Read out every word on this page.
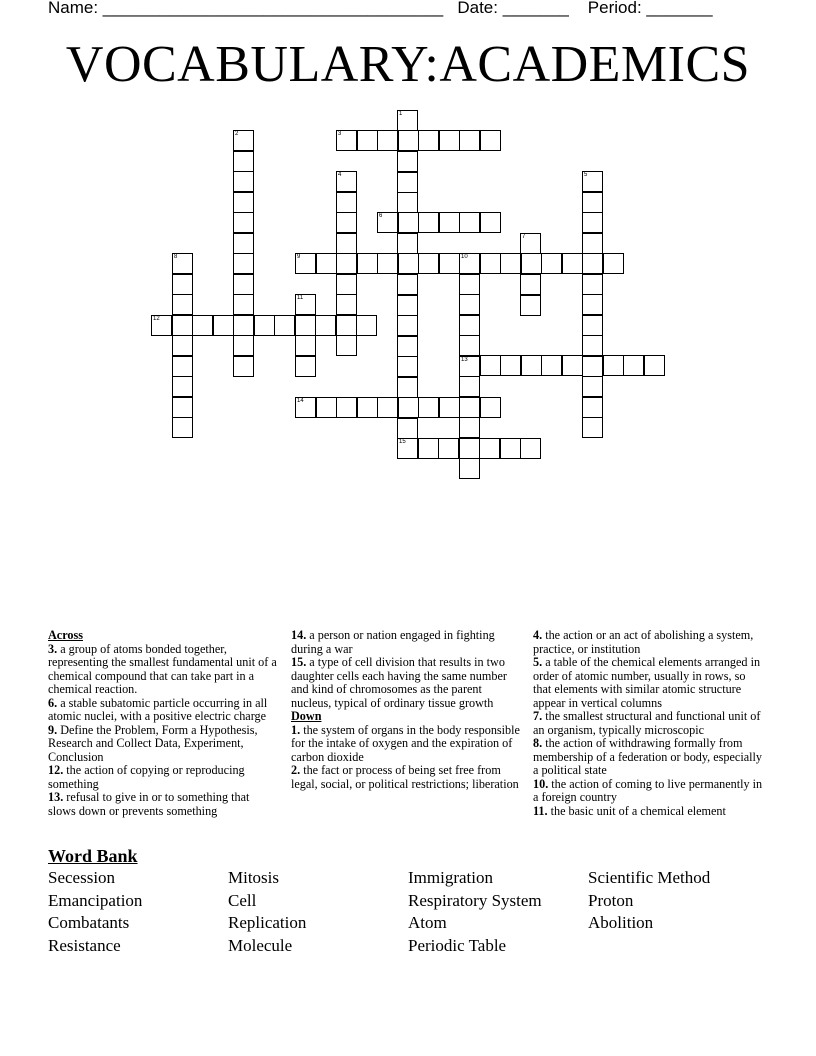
Name: ____________________________________ Date: _______ Period: _______
VOCABULARY:ACADEMICS
1
15
2	3
4	5
6
7
8	9	10
13
11
12
14

Across

3. a group of atoms bonded together, representing the smallest fundamental unit of a chemical compound that can take part in a chemical reaction.

6. a stable subatomic particle occurring in all atomic nuclei, with a positive electric charge

9. Define the Problem, Form a Hypothesis, Research and Collect Data, Experiment, Conclusion

12. the action of copying or reproducing something

13. refusal to give in or to something that slows down or prevents something

14. a person or nation engaged in fighting during a war

15. a type of cell division that results in two daughter cells each having the same number and kind of chromosomes as the parent nucleus, typical of ordinary tissue growth

Down

1. the system of organs in the body responsible for the intake of oxygen and the expiration of carbon dioxide

2. the fact or process of being set free from legal, social, or political restrictions; liberation

4. the action or an act of abolishing a system, practice, or institution

5. a table of the chemical elements arranged in order of atomic number, usually in rows, so that elements with similar atomic structure appear in vertical columns

7. the smallest structural and functional unit of an organism, typically microscopic

8. the action of withdrawing formally from membership of a federation or body, especially a political state

10. the action of coming to live permanently in a foreign country

11. the basic unit of a chemical element

Word Bank
Secession	Mitosis	Immigration	Scientific Method
Emancipation	Cell	Respiratory System	Proton
Combatants	Replication	Atom	Abolition
Resistance	Molecule	Periodic Table
